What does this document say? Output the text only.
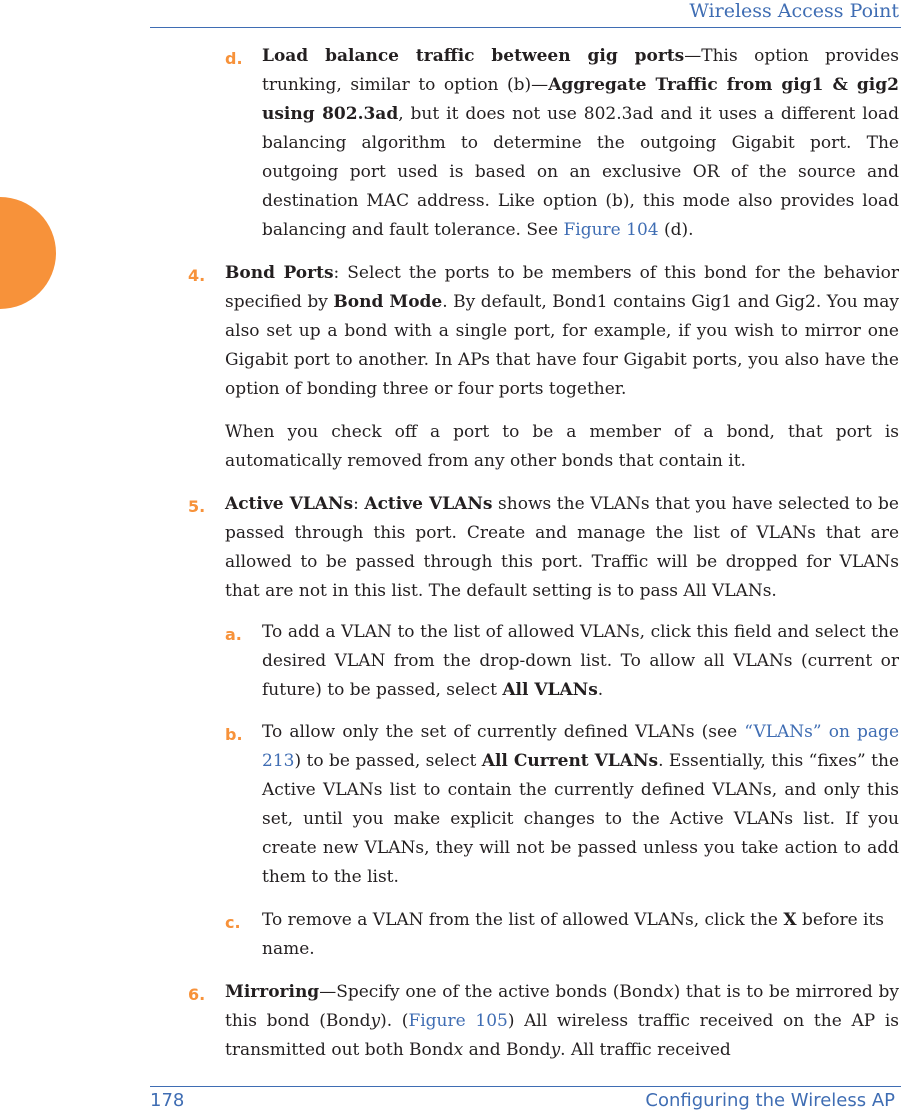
Wireless Access Point
d. Load balance traffic between gig ports—This option provides trunking, similar to option (b)—Aggregate Traffic from gig1 & gig2 using 802.3ad, but it does not use 802.3ad and it uses a different load balancing algorithm to determine the outgoing Gigabit port. The outgoing port used is based on an exclusive OR of the source and destination MAC address. Like option (b), this mode also provides load balancing and fault tolerance. See Figure 104 (d).
4. Bond Ports: Select the ports to be members of this bond for the behavior specified by Bond Mode. By default, Bond1 contains Gig1 and Gig2. You may also set up a bond with a single port, for example, if you wish to mirror one Gigabit port to another. In APs that have four Gigabit ports, you also have the option of bonding three or four ports together.
When you check off a port to be a member of a bond, that port is automatically removed from any other bonds that contain it.
5. Active VLANs: Active VLANs shows the VLANs that you have selected to be passed through this port. Create and manage the list of VLANs that are allowed to be passed through this port. Traffic will be dropped for VLANs that are not in this list. The default setting is to pass All VLANs.
a. To add a VLAN to the list of allowed VLANs, click this field and select the desired VLAN from the drop-down list. To allow all VLANs (current or future) to be passed, select All VLANs.
b. To allow only the set of currently defined VLANs (see “VLANs” on page 213) to be passed, select All Current VLANs. Essentially, this “fixes” the Active VLANs list to contain the currently defined VLANs, and only this set, until you make explicit changes to the Active VLANs list. If you create new VLANs, they will not be passed unless you take action to add them to the list.
c. To remove a VLAN from the list of allowed VLANs, click the X before its name.
6. Mirroring—Specify one of the active bonds (Bondx) that is to be mirrored by this bond (Bondy). (Figure 105) All wireless traffic received on the AP is transmitted out both Bondx and Bondy. All traffic received
178	Configuring the Wireless AP
